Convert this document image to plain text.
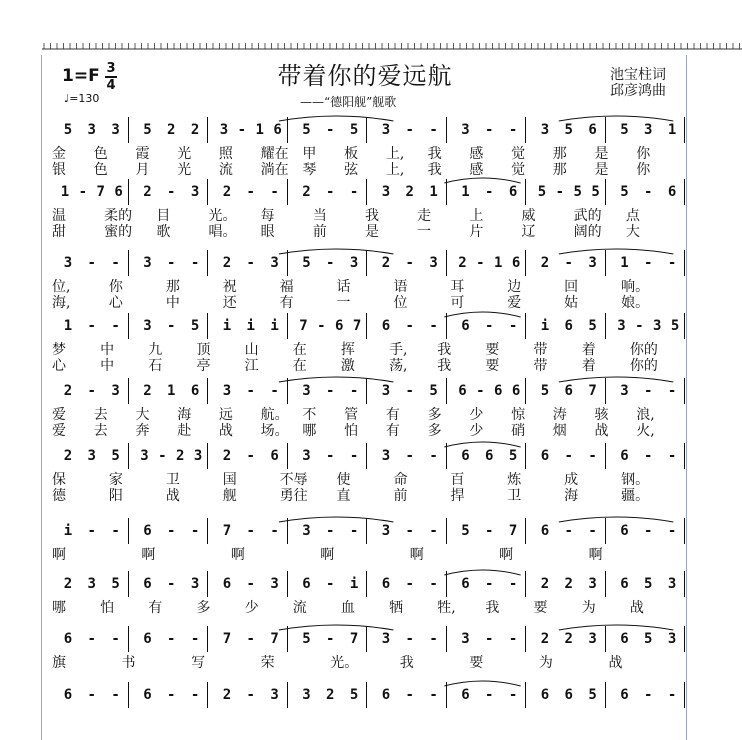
1=F 3
4
♩=130
带着你的爱远航
——“德阳舰”舰歌
池宝柱词
邱彦鸿曲
5 3 3 5 2 2 3 - 1 6 5 - 5 3 - - 3 - - 3 5 6 5 3 1
金 色 霞 光 照 耀在 甲 板 上, 我 感 觉 那 是 你
银 色 月 光 流 淌在 琴 弦 上, 我 感 觉 那 是 你
1 - 7 6 2 - 3 2 - - 2 - - 3 2 1 1 - 6 5 - 5 5 5 - 6
温	柔的 目	光。 每	当	我	走	上	威	武的 点
甜	蜜的 歌	唱。 眼	前	是	一	片	辽	阔的 大
3 - - 3 - - 2 - 3 5 - 3 2 - 3 2 - 1 6 2 - 3 1 - -
位,	你	那	祝	福	话	语	耳	边	回	响。
海,	心	中	还	有	一	位	可	爱	姑	娘。
1 - - 3 - 5 i i i 7 - 6 7 6 - - 6 - - i 6 5 3 - 3 5
梦 中 九 顶 山 在 挥 手, 我 要 带 着 你的
心 中 石 亭 江 在 激 荡, 我 要 带 着 你的
2 - 3 2 1 6 3 - - 3 - - 3 - 5 6 - 6 6 5 6 7 3 - -
爱 去 大 海 远 航。 不 管 有 多 少 惊 涛 骇 浪,
爱 去 奔 赴 战 场。 哪 怕 有 多 少 硝 烟 战 火,
2 3 5 3 - 2 3 2 - 6 3 - - 3 - - 6 6 5 6 - - 6 - -
保	家	卫	国	不辱 使	命	百	炼	成	钢。
德	阳	战	舰	勇往 直	前	捍	卫	海	疆。
i - - 6 - - 7 - - 3 - - 3 - - 5 - 7 6 - - 6 - -
啊	啊	啊	啊	啊	啊	啊
2 3 5 6 - 3 6 - 3 6 - i 6 - - 6 - - 2 2 3 6 5 3
哪 怕 有 多 少 流 血 牺 牲, 我 要 为 战
6 - - 6 - - 7 - 7 5 - 7 3 - - 3 - - 2 2 3 6 5 3
旗	书	写	荣	光。	我	要	为	战
6 - - 6 - - 2 - 3 3 2 5 6 - - 6 - - 6 6 5 6 - -
